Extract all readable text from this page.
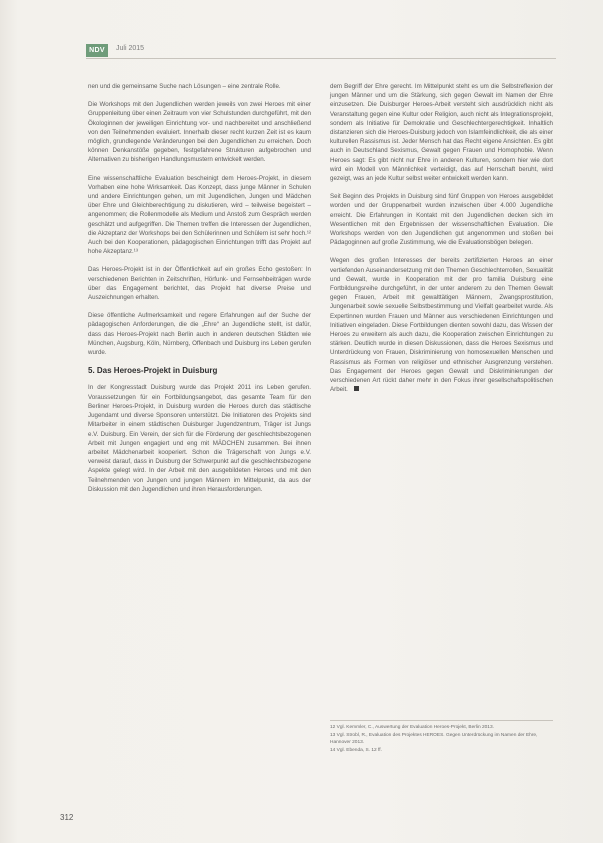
NDV	Juli 2015

nen und die gemeinsame Suche nach Lösungen – eine zentrale Rolle.

Die Workshops mit den Jugendlichen werden jeweils von zwei Heroes mit einer Gruppenleitung über einen Zeitraum von vier Schulstunden durchgeführt, mit den Ökologinnen der jeweiligen Einrichtung vor- und nachbereitet und anschließend von den Teilnehmenden evaluiert. Innerhalb dieser recht kurzen Zeit ist es kaum möglich, grundlegende Veränderungen bei den Jugendlichen zu erreichen. Doch können Denkanstöße gegeben, festgefahrene Strukturen aufgebrochen und Alternativen zu bisherigen Handlungsmustern entwickelt werden.

Eine wissenschaftliche Evaluation bescheinigt dem Heroes-Projekt, in diesem Vorhaben eine hohe Wirksamkeit. Das Konzept, dass junge Männer in Schulen und andere Einrichtungen gehen, um mit Jugendlichen, Jungen und Mädchen über Ehre und Gleichberechtigung zu diskutieren, wird – teilweise begeistert – angenommen; die Rollenmodelle als Medium und Anstoß zum Gespräch werden geschätzt und aufgegriffen. Die Themen treffen die Interessen der Jugendlichen, die Akzeptanz der Workshops bei den Schülerinnen und Schülern ist sehr hoch.¹² Auch bei den Kooperationen, pädagogischen Einrichtungen trifft das Projekt auf hohe Akzeptanz.¹³

Das Heroes-Projekt ist in der Öffentlichkeit auf ein großes Echo gestoßen: In verschiedenen Berichten in Zeitschriften, Hörfunk- und Fernsehbeiträgen wurde über das Engagement berichtet, das Projekt hat diverse Preise und Auszeichnungen erhalten.

Diese öffentliche Aufmerksamkeit und regere Erfahrungen auf der Suche der pädagogischen Anforderungen, die die „Ehre“ an Jugendliche stellt, ist dafür, dass das Heroes-Projekt nach Berlin auch in anderen deutschen Städten wie München, Augsburg, Köln, Nürnberg, Offenbach und Duisburg ins Leben gerufen wurde.

5. Das Heroes-Projekt in Duisburg

In der Kongresstadt Duisburg wurde das Projekt 2011 ins Leben gerufen. Voraussetzungen für ein Fortbildungsangebot, das gesamte Team für den Berliner Heroes-Projekt, in Duisburg wurden die Heroes durch das städtische Jugendamt und diverse Sponsoren unterstützt. Die Initiatoren des Projekts sind Mitarbeiter in einem städtischen Duisburger Jugendzentrum, Träger ist Jungs e.V. Duisburg. Ein Verein, der sich für die Förderung der geschlechtsbezogenen Arbeit mit Jungen engagiert und eng mit MÄDCHEN zusammen. Bei ihnen arbeitet Mädchenarbeit kooperiert. Schon die Trägerschaft von Jungs e.V. verweist darauf, dass in Duisburg der Schwerpunkt auf die geschlechtsbezogene Aspekte gelegt wird. In der Arbeit mit den ausgebildeten Heroes und mit den Teilnehmenden von Jungen und jungen Männern im Mittelpunkt, da aus der Diskussion mit den Jugendlichen und ihren Herausforderungen.

dem Begriff der Ehre gerecht. Im Mittelpunkt steht es um die Selbstreflexion der jungen Männer und um die Stärkung, sich gegen Gewalt im Namen der Ehre einzusetzen. Die Duisburger Heroes-Arbeit versteht sich ausdrücklich nicht als Veranstaltung gegen eine Kultur oder Religion, auch nicht als Integrationsprojekt, sondern als Initiative für Demokratie und Geschlechtergerechtigkeit. Inhaltlich distanzieren sich die Heroes-Duisburg jedoch von Islamfeindlichkeit, die als einer kulturellen Rassismus ist. Jeder Mensch hat das Recht eigene Ansichten. Es gibt auch in Deutschland Sexismus, Gewalt gegen Frauen und Homophobie. Wenn Heroes sagt: Es gibt nicht nur Ehre in anderen Kulturen, sondern hier wie dort wird ein Modell von Männlichkeit verteidigt, das auf Herrschaft beruht, wird gezeigt, was an jede Kultur selbst weiter entwickelt werden kann.

Seit Beginn des Projekts in Duisburg sind fünf Gruppen von Heroes ausgebildet worden und der Gruppenarbeit wurden inzwischen über 4.000 Jugendliche erreicht. Die Erfahrungen in Kontakt mit den Jugendlichen decken sich im Wesentlichen mit den Ergebnissen der wissenschaftlichen Evaluation. Die Workshops werden von den Jugendlichen gut angenommen und stoßen bei Pädagoginnen auf große Zustimmung, wie die Evaluationsbögen belegen.

Wegen des großen Interesses der bereits zertifizierten Heroes an einer vertiefenden Auseinandersetzung mit den Themen Geschlechterrollen, Sexualität und Gewalt, wurde in Kooperation mit der pro familia Duisburg eine Fortbildungsreihe durchgeführt, in der unter anderem zu den Themen Gewalt gegen Frauen, Arbeit mit gewalttätigen Männern, Zwangsprostitution, Jungenarbeit sowie sexuelle Selbstbestimmung und Vielfalt gearbeitet wurde. Als Expertinnen wurden Frauen und Männer aus verschiedenen Einrichtungen und Initiativen eingeladen. Diese Fortbildungen dienten sowohl dazu, das Wissen der Heroes zu erweitern als auch dazu, die Kooperation zwischen Einrichtungen zu stärken. Deutlich wurde in diesen Diskussionen, dass die Heroes Sexismus und Unterdrückung von Frauen, Diskriminierung von homosexuellen Menschen und Rassismus als Formen von religiöser und ethnischer Ausgrenzung verstehen. Das Engagement der Heroes gegen Gewalt und Diskriminierungen der verschiedenen Art rückt daher mehr in den Fokus ihrer gesellschaftspolitischen Arbeit.

12 Vgl. Kemmler, C., Auswertung der Evaluation Heroes-Projekt, Berlin 2013.

13 Vgl. Strobl, R., Evaluation des Projektes HEROES. Gegen Unterdrückung im Namen der Ehre, Hannover 2013.

14 Vgl. Ebenda, S. 12 ff.

312
